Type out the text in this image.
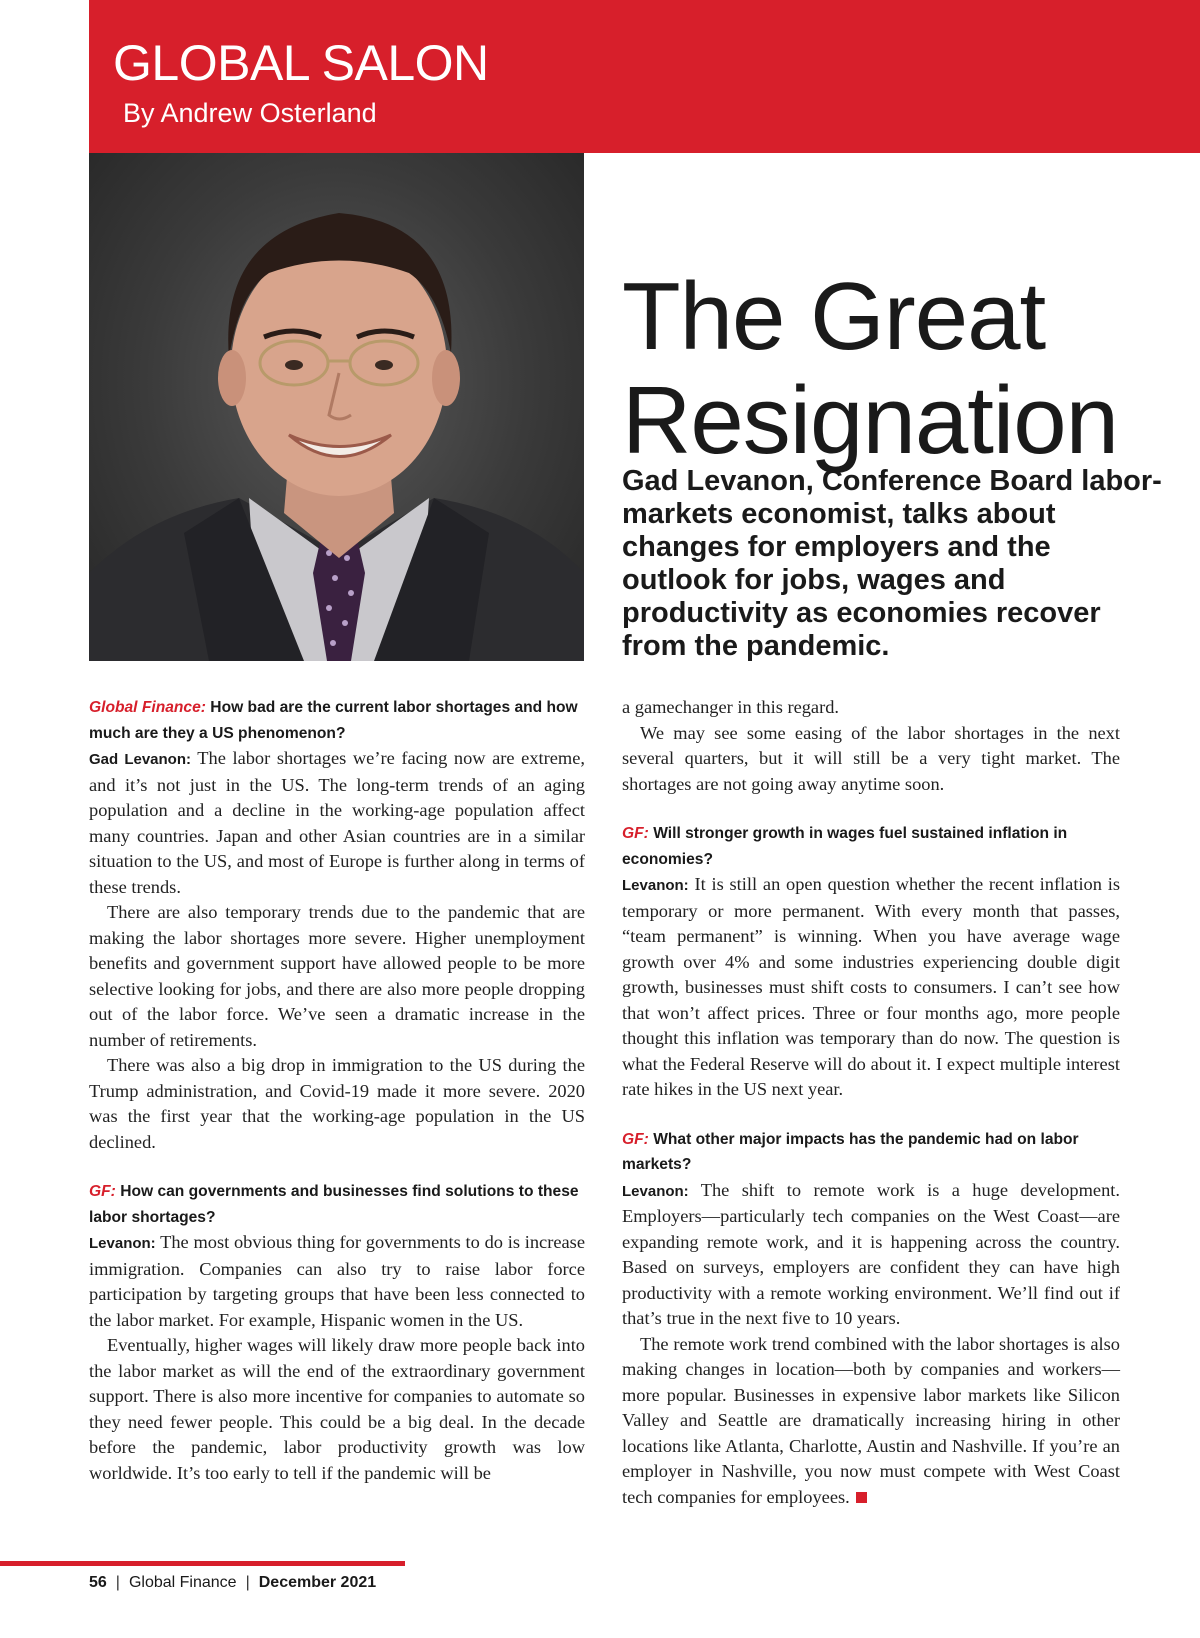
GLOBAL SALON
By Andrew Osterland
The Great
Resignation

Gad Levanon, Conference Board labor-markets economist, talks about changes for employers and the outlook for jobs, wages and productivity as economies recover from the pandemic.

Global Finance: How bad are the current labor shortages and how much are they a US phenomenon?

Gad Levanon: The labor shortages we’re facing now are extreme, and it’s not just in the US. The long-term trends of an aging population and a decline in the working-age population affect many countries. Japan and other Asian countries are in a similar situation to the US, and most of Europe is further along in terms of these trends.

There are also temporary trends due to the pandemic that are making the labor shortages more severe. Higher unemployment benefits and government support have allowed people to be more selective looking for jobs, and there are also more people dropping out of the labor force. We’ve seen a dramatic increase in the number of retirements.

There was also a big drop in immigration to the US during the Trump administration, and Covid-19 made it more severe. 2020 was the first year that the working-age population in the US declined.

GF: How can governments and businesses find solutions to these labor shortages?

Levanon: The most obvious thing for governments to do is increase immigration. Companies can also try to raise labor force participation by targeting groups that have been less connected to the labor market. For example, Hispanic women in the US.

Eventually, higher wages will likely draw more people back into the labor market as will the end of the extraordinary government support. There is also more incentive for companies to automate so they need fewer people. This could be a big deal. In the decade before the pandemic, labor productivity growth was low worldwide. It’s too early to tell if the pandemic will be

a gamechanger in this regard.

We may see some easing of the labor shortages in the next several quarters, but it will still be a very tight market. The shortages are not going away anytime soon.

GF: Will stronger growth in wages fuel sustained inflation in economies?

Levanon: It is still an open question whether the recent inflation is temporary or more permanent. With every month that passes, “team permanent” is winning. When you have average wage growth over 4% and some industries experiencing double digit growth, businesses must shift costs to consumers. I can’t see how that won’t affect prices. Three or four months ago, more people thought this inflation was temporary than do now. The question is what the Federal Reserve will do about it. I expect multiple interest rate hikes in the US next year.

GF: What other major impacts has the pandemic had on labor markets?

Levanon: The shift to remote work is a huge development. Employers—particularly tech companies on the West Coast—are expanding remote work, and it is happening across the country. Based on surveys, employers are confident they can have high productivity with a remote working environment. We’ll find out if that’s true in the next five to 10 years.

The remote work trend combined with the labor shortages is also making changes in location—both by companies and workers—more popular. Businesses in expensive labor markets like Silicon Valley and Seattle are dramatically increasing hiring in other locations like Atlanta, Charlotte, Austin and Nashville. If you’re an employer in Nashville, you now must compete with West Coast tech companies for employees.

56 | Global Finance | December 2021
